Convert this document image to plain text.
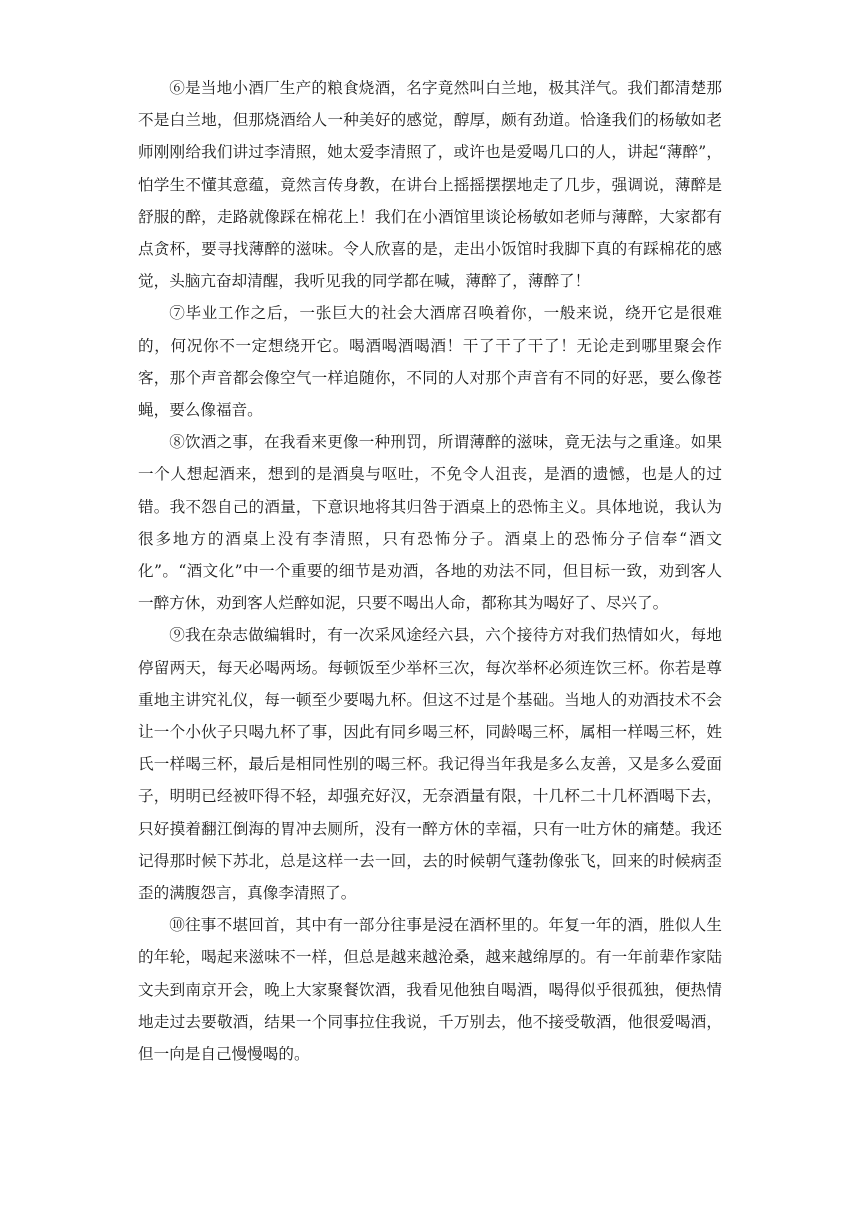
⑥是当地小酒厂生产的粮食烧酒，名字竟然叫白兰地，极其洋气。我们都清楚那不是白兰地，但那烧酒给人一种美好的感觉，醇厚，颇有劲道。恰逢我们的杨敏如老师刚刚给我们讲过李清照，她太爱李清照了，或许也是爱喝几口的人，讲起“薄醉”，怕学生不懂其意蕴，竟然言传身教，在讲台上摇摇摆摆地走了几步，强调说，薄醉是舒服的醉，走路就像踩在棉花上！我们在小酒馆里谈论杨敏如老师与薄醉，大家都有点贪杯，要寻找薄醉的滋味。令人欣喜的是，走出小饭馆时我脚下真的有踩棉花的感觉，头脑亢奋却清醒，我听见我的同学都在喊，薄醉了，薄醉了！

⑦毕业工作之后，一张巨大的社会大酒席召唤着你，一般来说，绕开它是很难的，何况你不一定想绕开它。喝酒喝酒喝酒！干了干了干了！无论走到哪里聚会作客，那个声音都会像空气一样追随你，不同的人对那个声音有不同的好恶，要么像苍蝇，要么像福音。

⑧饮酒之事，在我看来更像一种刑罚，所谓薄醉的滋味，竟无法与之重逢。如果一个人想起酒来，想到的是酒臭与呕吐，不免令人沮丧，是酒的遗憾，也是人的过错。我不怨自己的酒量，下意识地将其归咎于酒桌上的恐怖主义。具体地说，我认为很多地方的酒桌上没有李清照，只有恐怖分子。酒桌上的恐怖分子信奉“酒文化”。“酒文化”中一个重要的细节是劝酒，各地的劝法不同，但目标一致，劝到客人一醉方休，劝到客人烂醉如泥，只要不喝出人命，都称其为喝好了、尽兴了。

⑨我在杂志做编辑时，有一次采风途经六县，六个接待方对我们热情如火，每地停留两天，每天必喝两场。每顿饭至少举杯三次，每次举杯必须连饮三杯。你若是尊重地主讲究礼仪，每一顿至少要喝九杯。但这不过是个基础。当地人的劝酒技术不会让一个小伙子只喝九杯了事，因此有同乡喝三杯，同龄喝三杯，属相一样喝三杯，姓氏一样喝三杯，最后是相同性别的喝三杯。我记得当年我是多么友善，又是多么爱面子，明明已经被吓得不轻，却强充好汉，无奈酒量有限，十几杯二十几杯酒喝下去，只好摸着翻江倒海的胃冲去厕所，没有一醉方休的幸福，只有一吐方休的痛楚。我还记得那时候下苏北，总是这样一去一回，去的时候朝气蓬勃像张飞，回来的时候病歪歪的满腹怨言，真像李清照了。

⑩往事不堪回首，其中有一部分往事是浸在酒杯里的。年复一年的酒，胜似人生的年轮，喝起来滋味不一样，但总是越来越沧桑，越来越绵厚的。有一年前辈作家陆文夫到南京开会，晚上大家聚餐饮酒，我看见他独自喝酒，喝得似乎很孤独，便热情地走过去要敬酒，结果一个同事拉住我说，千万别去，他不接受敬酒，他很爱喝酒，但一向是自己慢慢喝的。
